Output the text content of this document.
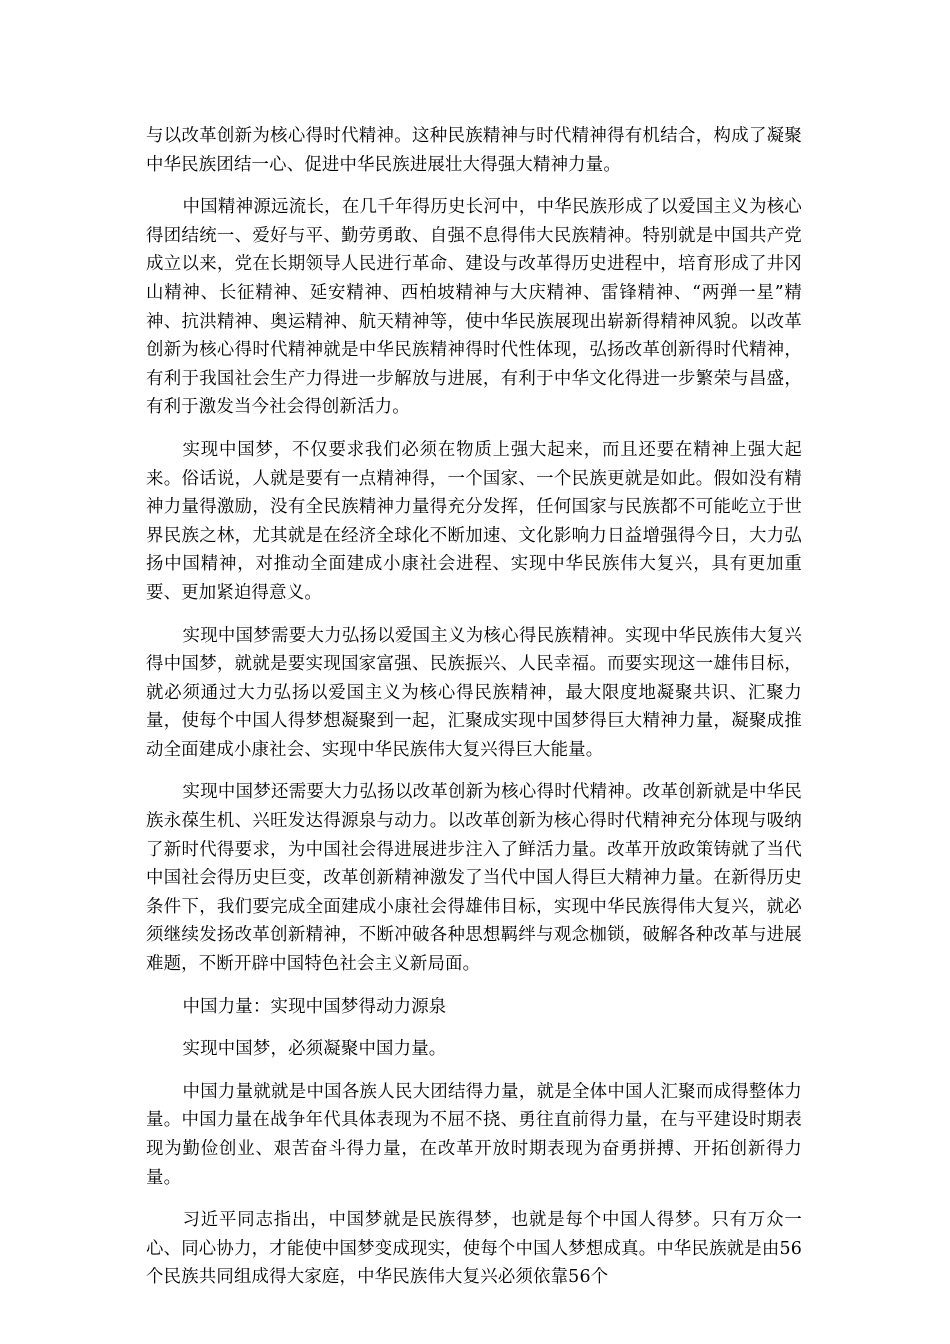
与以改革创新为核心得时代精神。这种民族精神与时代精神得有机结合，构成了凝聚中华民族团结一心、促进中华民族进展壮大得强大精神力量。

中国精神源远流长，在几千年得历史长河中，中华民族形成了以爱国主义为核心得团结统一、爱好与平、勤劳勇敢、自强不息得伟大民族精神。特别就是中国共产党成立以来，党在长期领导人民进行革命、建设与改革得历史进程中，培育形成了井冈山精神、长征精神、延安精神、西柏坡精神与大庆精神、雷锋精神、“两弹一星”精神、抗洪精神、奥运精神、航天精神等，使中华民族展现出崭新得精神风貌。以改革创新为核心得时代精神就是中华民族精神得时代性体现，弘扬改革创新得时代精神，有利于我国社会生产力得进一步解放与进展，有利于中华文化得进一步繁荣与昌盛，有利于激发当今社会得创新活力。

实现中国梦，不仅要求我们必须在物质上强大起来，而且还要在精神上强大起来。俗话说，人就是要有一点精神得，一个国家、一个民族更就是如此。假如没有精神力量得激励，没有全民族精神力量得充分发挥，任何国家与民族都不可能屹立于世界民族之林，尤其就是在经济全球化不断加速、文化影响力日益增强得今日，大力弘扬中国精神，对推动全面建成小康社会进程、实现中华民族伟大复兴，具有更加重要、更加紧迫得意义。

实现中国梦需要大力弘扬以爱国主义为核心得民族精神。实现中华民族伟大复兴得中国梦，就就是要实现国家富强、民族振兴、人民幸福。而要实现这一雄伟目标，就必须通过大力弘扬以爱国主义为核心得民族精神，最大限度地凝聚共识、汇聚力量，使每个中国人得梦想凝聚到一起，汇聚成实现中国梦得巨大精神力量，凝聚成推动全面建成小康社会、实现中华民族伟大复兴得巨大能量。

实现中国梦还需要大力弘扬以改革创新为核心得时代精神。改革创新就是中华民族永葆生机、兴旺发达得源泉与动力。以改革创新为核心得时代精神充分体现与吸纳了新时代得要求，为中国社会得进展进步注入了鲜活力量。改革开放政策铸就了当代中国社会得历史巨变，改革创新精神激发了当代中国人得巨大精神力量。在新得历史条件下，我们要完成全面建成小康社会得雄伟目标，实现中华民族得伟大复兴，就必须继续发扬改革创新精神，不断冲破各种思想羁绊与观念枷锁，破解各种改革与进展难题，不断开辟中国特色社会主义新局面。

中国力量：实现中国梦得动力源泉

实现中国梦，必须凝聚中国力量。

中国力量就就是中国各族人民大团结得力量，就是全体中国人汇聚而成得整体力量。中国力量在战争年代具体表现为不屈不挠、勇往直前得力量，在与平建设时期表现为勤俭创业、艰苦奋斗得力量，在改革开放时期表现为奋勇拼搏、开拓创新得力量。

习近平同志指出，中国梦就是民族得梦，也就是每个中国人得梦。只有万众一心、同心协力，才能使中国梦变成现实，使每个中国人梦想成真。中华民族就是由56个民族共同组成得大家庭，中华民族伟大复兴必须依靠56个
